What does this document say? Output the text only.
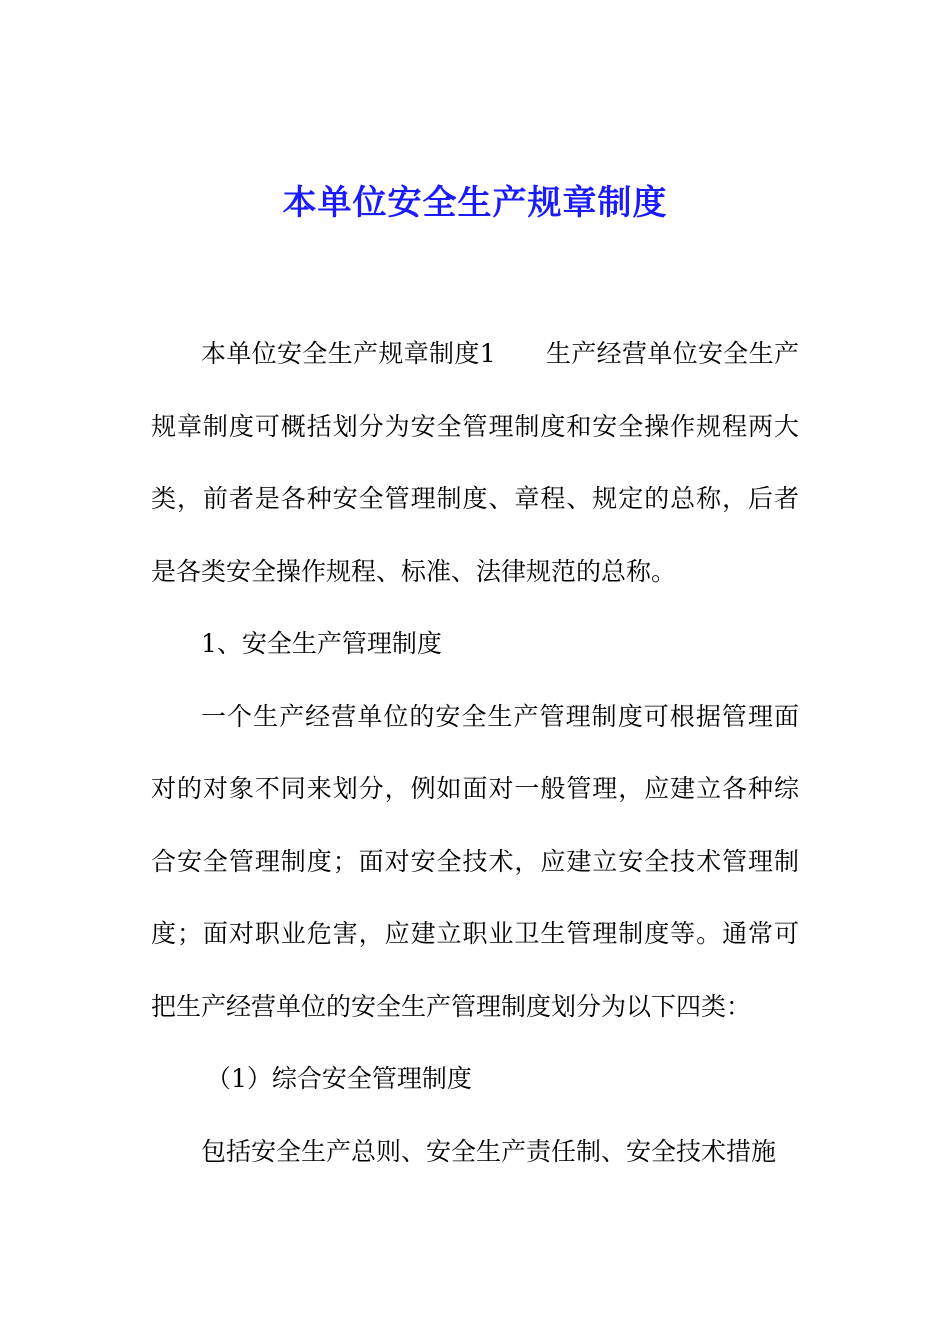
本单位安全生产规章制度

本单位安全生产规章制度1 生产经营单位安全生产规章制度可概括划分为安全管理制度和安全操作规程两大类，前者是各种安全管理制度、章程、规定的总称，后者是各类安全操作规程、标准、法律规范的总称。

1、安全生产管理制度

一个生产经营单位的安全生产管理制度可根据管理面对的对象不同来划分，例如面对一般管理，应建立各种综合安全管理制度；面对安全技术，应建立安全技术管理制度；面对职业危害，应建立职业卫生管理制度等。通常可把生产经营单位的安全生产管理制度划分为以下四类：

（1）综合安全管理制度

包括安全生产总则、安全生产责任制、安全技术措施
